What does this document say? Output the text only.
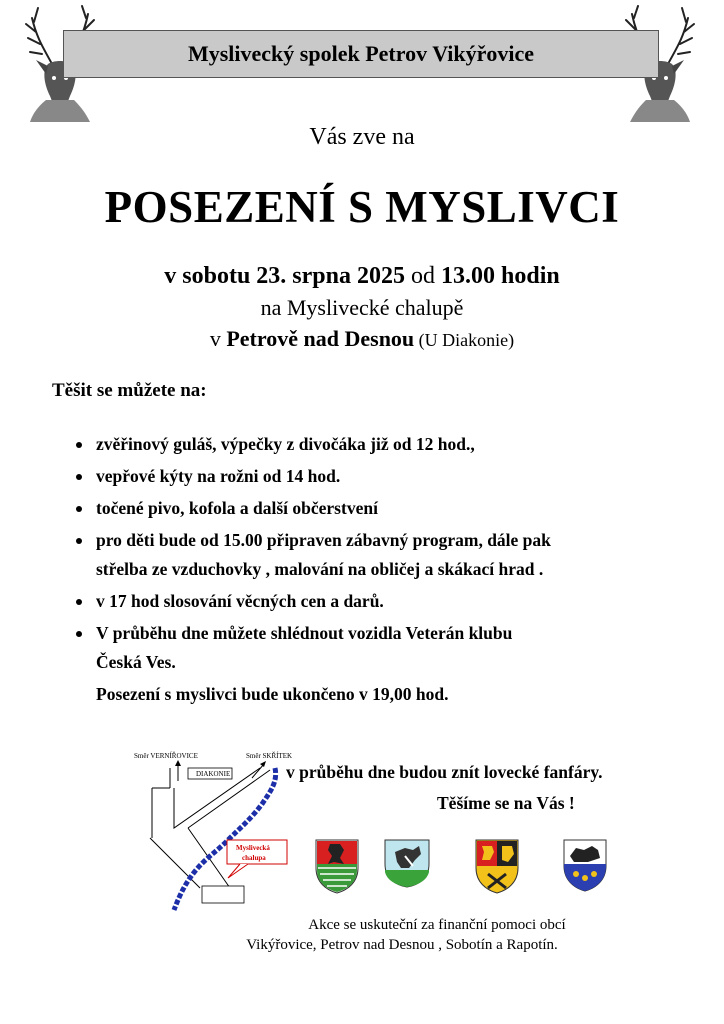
Myslivecký spolek Petrov Vikýřovice
Vás zve na
POSEZENÍ S MYSLIVCI
v sobotu 23. srpna 2025 od 13.00 hodin
na Myslivecké chalupě
v Petrově nad Desnou (U Diakonie)
Těšit se můžete na:
zvěřinový guláš, výpečky z divočáka již od 12 hod.,
vepřové kýty na rožni od 14 hod.
točené pivo, kofola a další občerstvení
pro děti bude od 15.00 připraven zábavný program, dále pak
střelba ze vzduchovky , malování na obličej a skákací hrad .
v 17 hod slosování věcných cen a darů.
V průběhu dne můžete shlédnout vozidla Veterán klubu
Česká Ves.
Posezení s myslivci bude ukončeno v 19,00 hod.
Směr VERNÍŘOVICE	Směr SKŘÍTEK
DIAKONIE
Myslivecká
chalupa
v průběhu dne budou znít lovecké fanfáry.
Těšíme se na Vás !
Akce se uskuteční za finanční pomoci obcí
Vikýřovice, Petrov nad Desnou , Sobotín a Rapotín.
